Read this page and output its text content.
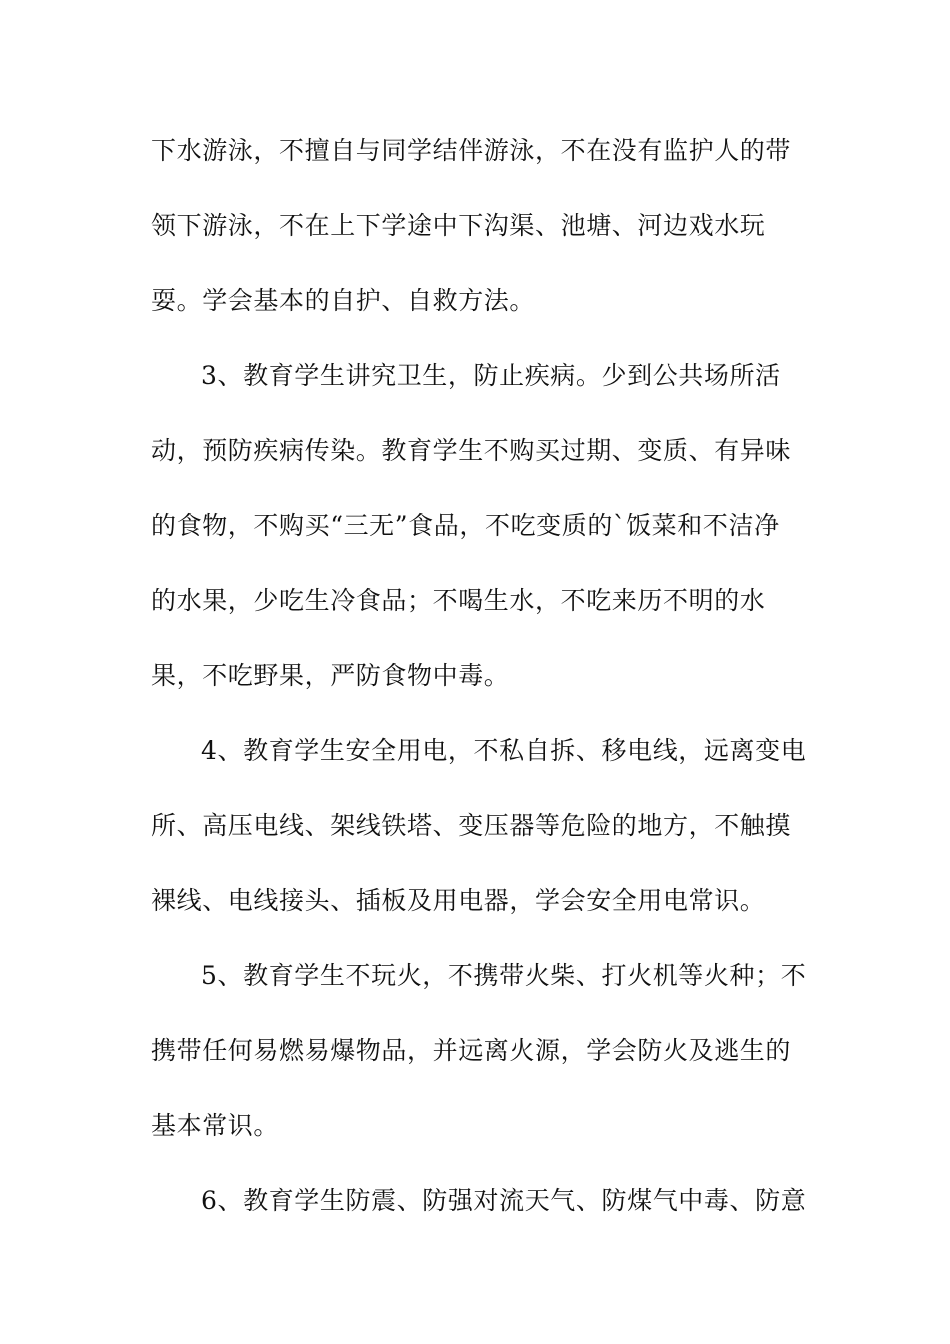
下水游泳，不擅自与同学结伴游泳，不在没有监护人的带
领下游泳，不在上下学途中下沟渠、池塘、河边戏水玩
耍。学会基本的自护、自救方法。
3、教育学生讲究卫生，防止疾病。少到公共场所活
动，预防疾病传染。教育学生不购买过期、变质、有异味
的食物，不购买“三无”食品，不吃变质的`饭菜和不洁净
的水果，少吃生冷食品；不喝生水，不吃来历不明的水
果，不吃野果，严防食物中毒。
4、教育学生安全用电，不私自拆、移电线，远离变电
所、高压电线、架线铁塔、变压器等危险的地方，不触摸
裸线、电线接头、插板及用电器，学会安全用电常识。
5、教育学生不玩火，不携带火柴、打火机等火种；不
携带任何易燃易爆物品，并远离火源，学会防火及逃生的
基本常识。
6、教育学生防震、防强对流天气、防煤气中毒、防意
